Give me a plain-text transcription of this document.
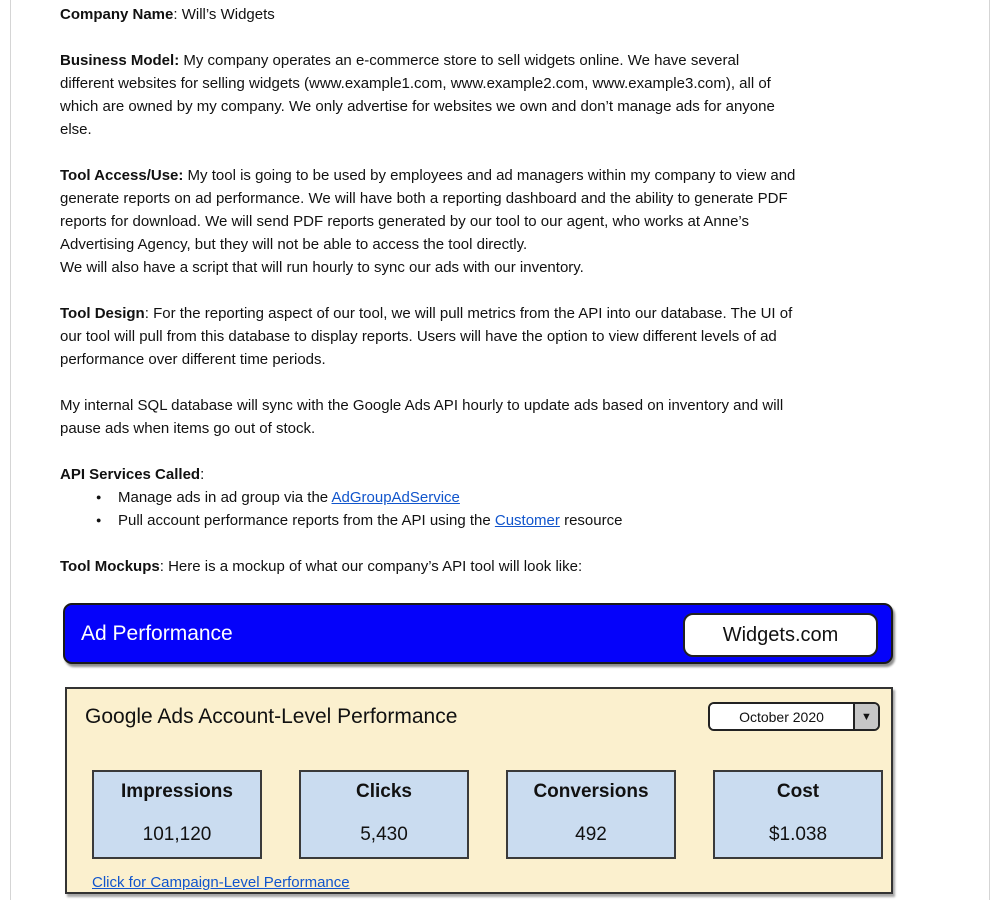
Company Name: Will’s Widgets
Business Model: My company operates an e-commerce store to sell widgets online. We have several
different websites for selling widgets (www.example1.com, www.example2.com, www.example3.com), all of
which are owned by my company. We only advertise for websites we own and don’t manage ads for anyone
else.
Tool Access/Use: My tool is going to be used by employees and ad managers within my company to view and
generate reports on ad performance. We will have both a reporting dashboard and the ability to generate PDF
reports for download. We will send PDF reports generated by our tool to our agent, who works at Anne’s
Advertising Agency, but they will not be able to access the tool directly.
We will also have a script that will run hourly to sync our ads with our inventory.
Tool Design: For the reporting aspect of our tool, we will pull metrics from the API into our database. The UI of
our tool will pull from this database to display reports. Users will have the option to view different levels of ad
performance over different time periods.
My internal SQL database will sync with the Google Ads API hourly to update ads based on inventory and will
pause ads when items go out of stock.
API Services Called:
●	Manage ads in ad group via the AdGroupAdService
●	Pull account performance reports from the API using the Customer resource
Tool Mockups: Here is a mockup of what our company’s API tool will look like:
Ad Performance	Widgets.com
Google Ads Account-Level Performance	October 2020	▼
Impressions
101,120
Clicks
5,430
Conversions
492
Cost
$1.038
Click for Campaign-Level Performance
